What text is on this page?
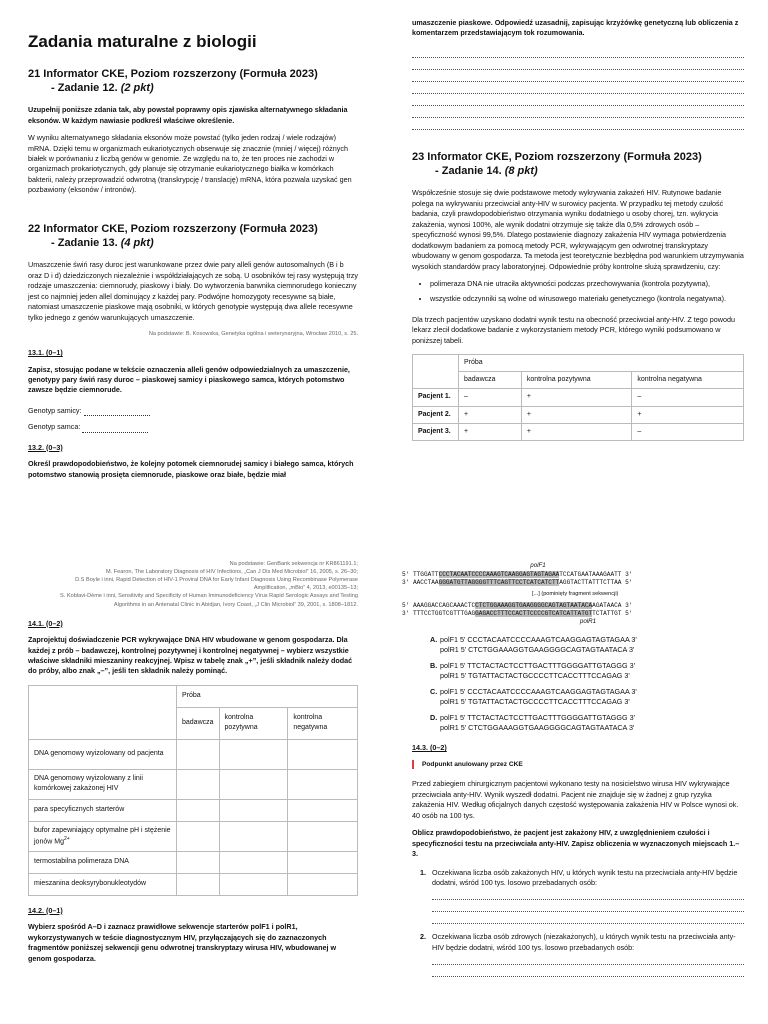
Zadania maturalne z biologii
21 Informator CKE, Poziom rozszerzony (Formuła 2023)
- Zadanie 12. (2 pkt)

Uzupełnij poniższe zdania tak, aby powstał poprawny opis zjawiska alternatywnego składania eksonów. W każdym nawiasie podkreśl właściwe określenie.

W wyniku alternatywnego składania eksonów może powstać (tylko jeden rodzaj / wiele rodzajów) mRNA. Dzięki temu w organizmach eukariotycznych obserwuje się znacznie (mniej / więcej) różnych białek w porównaniu z liczbą genów w genomie. Ze względu na to, że ten proces nie zachodzi w organizmach prokariotycznych, gdy planuje się otrzymanie eukariotycznego białka w komórkach bakterii, należy przeprowadzić odwrotną (transkrypcję / translację) mRNA, która pozwala uzyskać gen pozbawiony (eksonów / intronów).

22 Informator CKE, Poziom rozszerzony (Formuła 2023)
- Zadanie 13. (4 pkt)

Umaszczenie świń rasy duroc jest warunkowane przez dwie pary alleli genów autosomalnych (B i b oraz D i d) dziedziczonych niezależnie i współdziałających ze sobą. U osobników tej rasy występują trzy rodzaje umaszczenia: ciemnorudy, piaskowy i biały. Do wytworzenia barwnika ciemnorudego konieczny jest co najmniej jeden allel dominujący z każdej pary. Podwójne homozygoty recesywne są białe, natomiast umaszczenie piaskowe mają osobniki, w których genotypie występują dwa allele recesywne tylko jednego z genów warunkujących umaszczenie.

Na podstawie: B. Kosowska, Genetyka ogólna i weterynaryjna, Wrocław 2010, s. 25.
13.1. (0–1)

Zapisz, stosując podane w tekście oznaczenia alleli genów odpowiedzialnych za umaszczenie, genotypy pary świń rasy duroc – piaskowej samicy i piaskowego samca, których potomstwo zawsze będzie ciemnorude.

Genotyp samicy:
Genotyp samca:
13.2. (0–3)

Określ prawdopodobieństwo, że kolejny potomek ciemnorudej samicy i białego samca, których potomstwo stanowią prosięta ciemnorude, piaskowe oraz białe, będzie miał

umaszczenie piaskowe. Odpowiedź uzasadnij, zapisując krzyżówkę genetyczną lub obliczenia z komentarzem przedstawiającym tok rozumowania.

23 Informator CKE, Poziom rozszerzony (Formuła 2023)
- Zadanie 14. (8 pkt)

Współcześnie stosuje się dwie podstawowe metody wykrywania zakażeń HIV. Rutynowe badanie polega na wykrywaniu przeciwciał anty-HIV w surowicy pacjenta. W przypadku tej metody czułość badania, czyli prawdopodobieństwo otrzymania wyniku dodatniego u osoby chorej, tzn. wykrycia zakażenia, wynosi 100%, ale wynik dodatni otrzymuje się także dla 0,5% zdrowych osób – specyficzność wynosi 99,5%. Dlatego postawienie diagnozy zakażenia HIV wymaga potwierdzenia dodatkowym badaniem za pomocą metody PCR, wykrywającym gen odwrotnej transkryptazy wbudowany w genom gospodarza. Ta metoda jest teoretycznie bezbłędna pod warunkiem utrzymywania wysokich standardów pracy laboratoryjnej. Odpowiednie próby kontrolne służą sprawdzeniu, czy:

• polimeraza DNA nie utraciła aktywności podczas przechowywania (kontrola pozytywna),
• wszystkie odczynniki są wolne od wirusowego materiału genetycznego (kontrola negatywna).

Dla trzech pacjentów uzyskano dodatni wynik testu na obecność przeciwciał anty-HIV. Z tego powodu lekarz zlecił dodatkowe badanie z wykorzystaniem metody PCR, którego wyniki podsumowano w poniższej tabeli.

	Próba		
	badawcza	kontrolna pozytywna	kontrolna negatywna
Pacjent 1.	–	+	–
Pacjent 2.	+	+	+
Pacjent 3.	+	+	–
Na podstawie: GenBank sekwencja nr KR861191.1;
M. Fearon, The Laboratory Diagnosis of HIV Infections, „Can J Dis Med Microbiol” 16, 2005, s. 26–30;
D.S Boyle i inni, Rapid Detection of HIV-1 Proviral DNA for Early Infant Diagnosis Using Recombinase Polymerase
Amplification, „mBio” 4, 2013, e00135–13;
S. Koblavi-Dème i inni, Sensitivity and Specificity of Human Immunodeficiency Virus Rapid Serologic Assays and Testing
Algorithms in an Antenatal Clinic in Abidjan, Ivory Coast, „J Clin Microbiol” 39, 2001, s. 1808–1812.
14.1. (0–2)

Zaprojektuj doświadczenie PCR wykrywające DNA HIV wbudowane w genom gospodarza. Dla każdej z prób – badawczej, kontrolnej pozytywnej i kontrolnej negatywnej – wybierz wszystkie właściwe składniki mieszaniny reakcyjnej. Wpisz w tabelę znak „+”, jeśli składnik należy dodać do próby, albo znak „–”, jeśli ten składnik należy pominąć.

	Próba		
	badawcza	kontrolna pozytywna	kontrolna negatywna
DNA genomowy wyizolowany od pacjenta			
DNA genomowy wyizolowany z linii komórkowej zakażonej HIV			
para specyficznych starterów			
bufor zapewniający optymalne pH i stężenie jonów $Mg^{2+}$			
termostabilna polimeraza DNA			
mieszanina deoksyrybonukleotydów			
14.2. (0–1)

Wybierz spośród A–D i zaznacz prawidłowe sekwencje starterów polF1 i polR1, wykorzystywanych w teście diagnostycznym HIV, przyłączających się do zaznaczonych fragmentów poniższej sekwencji genu odwrotnej transkryptazy wirusa HIV, wbudowanej w genom gospodarza.

polF1
5' TTGGATTCCCTACAATCCCCAAAGTCAAGGAGTAGTAGAATCCATGAATAAAGAATT 3'
3' AACCTAAGGGATGTTAGGGGTTTCAGTTCCTCATCATCTTAGGTACTTATTTCTTAA 5'
[...] (pominięty fragment sekwencji)
5' AAAGGACCAGCAAACTCCTCTGGAAAGGTGAAGGGGCAGTAGTAATACAAGATAACA 3'
3' TTTCCTGGTCGTTTGAGGAGACCTTTCCACTTCCCCGTCATCATTATGTTCTATTGT 5'
polR1
A. polF1 5' CCCTACAATCCCCAAAGTCAAGGAGTAGTAGAA 3'
polR1 5' CTCTGGAAAGGTGAAGGGGCAGTAGTAATACA 3'
B. polF1 5' TTCTACTACTCCTTGACTTTGGGGATTGTAGGG 3'
polR1 5' TGTATTACTACTGCCCCTTCACCTTTCCAGAG 3'
C. polF1 5' CCCTACAATCCCCAAAGTCAAGGAGTAGTAGAA 3'
polR1 5' TGTATTACTACTGCCCCTTCACCTTTCCAGAG 3'
D. polF1 5' TTCTACTACTCCTTGACTTTGGGGATTGTAGGG 3'
polR1 5' CTCTGGAAAGGTGAAGGGGCAGTAGTAATACA 3'
14.3. (0–2)
Podpunkt anulowany przez CKE

Przed zabiegiem chirurgicznym pacjentowi wykonano testy na nosicielstwo wirusa HIV wykrywające przeciwciała anty-HIV. Wynik wyszedł dodatni. Pacjent nie znajduje się w żadnej z grup ryzyka zakażenia HIV. Według oficjalnych danych częstość występowania zakażenia HIV w Polsce wynosi ok. 40 osób na 100 tys.

Oblicz prawdopodobieństwo, że pacjent jest zakażony HIV, z uwzględnieniem czułości i specyficzności testu na przeciwciała anty-HIV. Zapisz obliczenia w wyznaczonych miejscach 1.–3.

1. Oczekiwana liczba osób zakażonych HIV, u których wynik testu na przeciwciała anty-HIV będzie dodatni, wśród 100 tys. losowo przebadanych osób:
2. Oczekiwana liczba osób zdrowych (niezakażonych), u których wynik testu na przeciwciała anty-HIV będzie dodatni, wśród 100 tys. losowo przebadanych osób:
